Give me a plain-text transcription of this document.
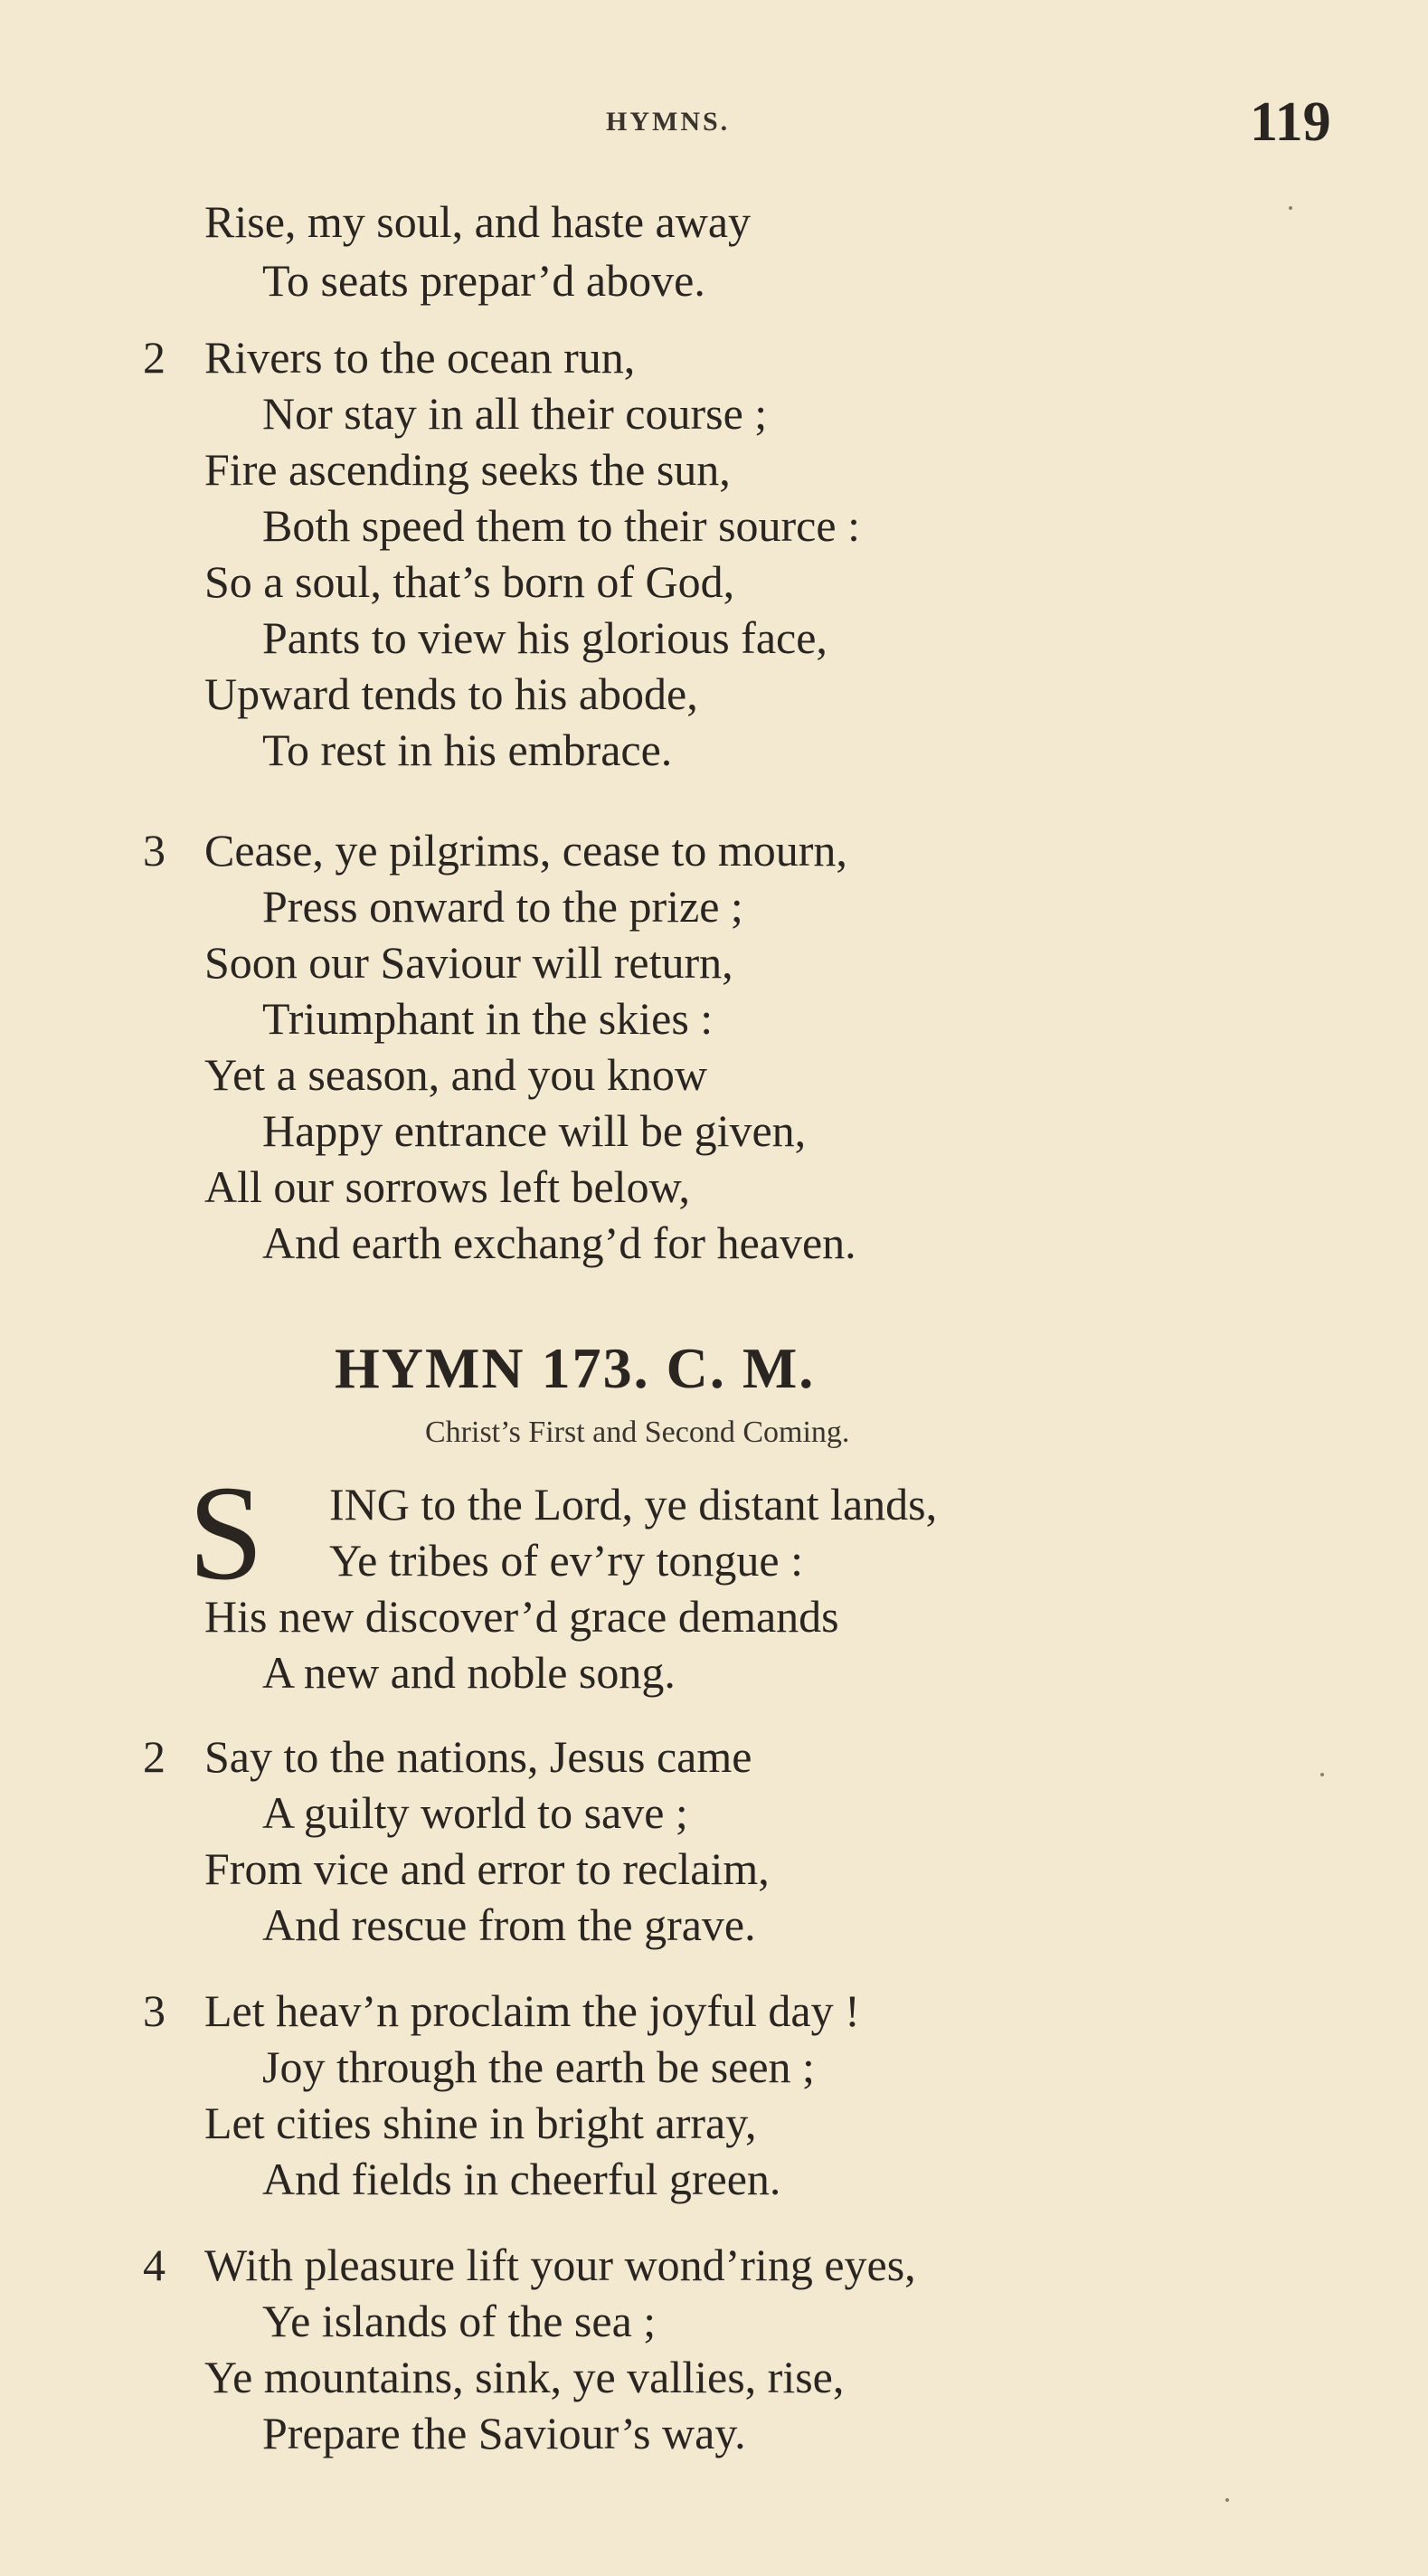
HYMNS.	119
Rise, my soul, and haste away
To seats prepar’d above.
2 Rivers to the ocean run,
Nor stay in all their course ;
Fire ascending seeks the sun,
Both speed them to their source :
So a soul, that’s born of God,
Pants to view his glorious face,
Upward tends to his abode,
To rest in his embrace.
3 Cease, ye pilgrims, cease to mourn,
Press onward to the prize ;
Soon our Saviour will return,
Triumphant in the skies :
Yet a season, and you know
Happy entrance will be given,
All our sorrows left below,
And earth exchang’d for heaven.
HYMN 173. C. M.
Christ’s First and Second Coming.
S ING to the Lord, ye distant lands,
Ye tribes of ev’ry tongue :
His new discover’d grace demands
A new and noble song.
2 Say to the nations, Jesus came
A guilty world to save ;
From vice and error to reclaim,
And rescue from the grave.
3 Let heav’n proclaim the joyful day !
Joy through the earth be seen ;
Let cities shine in bright array,
And fields in cheerful green.
4 With pleasure lift your wond’ring eyes,
Ye islands of the sea ;
Ye mountains, sink, ye vallies, rise,
Prepare the Saviour’s way.
